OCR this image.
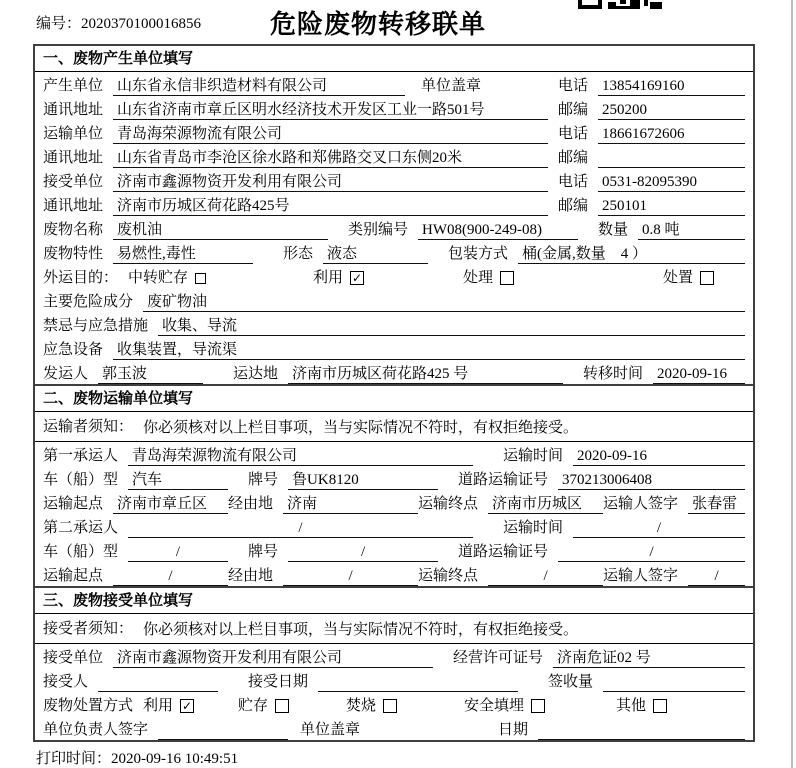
编号：2020370100016856	危险废物转移联单
一、废物产生单位填写
产生单位 山东省永信非织造材料有限公司	单位盖章	电话 13854169160
通讯地址 山东省济南市章丘区明水经济技术开发区工业一路501号	邮编 250200
运输单位 青岛海荣源物流有限公司	电话 18661672606
通讯地址 山东省青岛市李沧区徐水路和郑佛路交叉口东侧20米	邮编
接受单位 济南市鑫源物资开发利用有限公司	电话 0531-82095390
通讯地址 济南市历城区荷花路425号	邮编 250101
废物名称 废机油	类别编号 HW08(900-249-08)	数量 0.8 吨
废物特性 易燃性,毒性	形态 液态	包装方式 桶(金属,数量　4 ）
外运目的： 中转贮存	利用 ✓	处理	处置
主要危险成分 废矿物油
禁忌与应急措施 收集、导流
应急设备 收集装置，导流渠
发运人 郭玉波	运达地 济南市历城区荷花路425 号	转移时间 2020-09-16
二、废物运输单位填写
运输者须知： 你必须核对以上栏目事项，当与实际情况不符时，有权拒绝接受。
第一承运人 青岛海荣源物流有限公司	运输时间 2020-09-16
车（船）型 汽车	牌号 鲁UK8120	道路运输证号 370213006408
运输起点 济南市章丘区	经由地 济南	运输终点 济南市历城区	运输人签字 张春雷
第二承运人	/	运输时间	/
车（船）型	/	牌号	/	道路运输证号	/
运输起点	/	经由地	/	运输终点	/	运输人签字	/
三、废物接受单位填写
接受者须知： 你必须核对以上栏目事项，当与实际情况不符时，有权拒绝接受。
接受单位 济南市鑫源物资开发利用有限公司	经营许可证号 济南危证02 号
接受人	接受日期	签收量
废物处置方式 利用 ✓	贮存	焚烧	安全填埋	其他
单位负责人签字	单位盖章	日期
打印时间：2020-09-16 10:49:51
